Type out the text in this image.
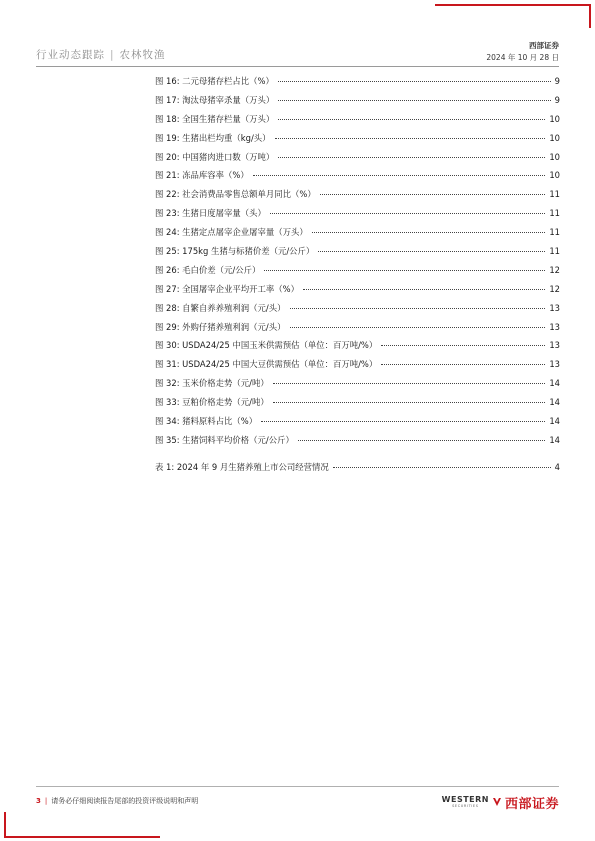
行业动态跟踪 | 农林牧渔
西部证券
2024 年 10 月 28 日
图 16: 二元母猪存栏占比（%）	9
图 17: 淘汰母猪宰杀量（万头）	9
图 18: 全国生猪存栏量（万头）	10
图 19: 生猪出栏均重（kg/头）	10
图 20: 中国猪肉进口数（万吨）	10
图 21: 冻品库容率（%）	10
图 22: 社会消费品零售总额单月同比（%）	11
图 23: 生猪日度屠宰量（头）	11
图 24: 生猪定点屠宰企业屠宰量（万头）	11
图 25: 175kg 生猪与标猪价差（元/公斤）	11
图 26: 毛白价差（元/公斤）	12
图 27: 全国屠宰企业平均开工率（%）	12
图 28: 自繁自养养殖利润（元/头）	13
图 29: 外购仔猪养殖利润（元/头）	13
图 30: USDA24/25 中国玉米供需预估（单位：百万吨/%）	13
图 31: USDA24/25 中国大豆供需预估（单位：百万吨/%）	13
图 32: 玉米价格走势（元/吨）	14
图 33: 豆粕价格走势（元/吨）	14
图 34: 猪料原料占比（%）	14
图 35: 生猪饲料平均价格（元/公斤）	14
表 1: 2024 年 9 月生猪养殖上市公司经营情况	4
3 | 请务必仔细阅读报告尾部的投资评级说明和声明	WESTERN
SECURITIES 西部证券
